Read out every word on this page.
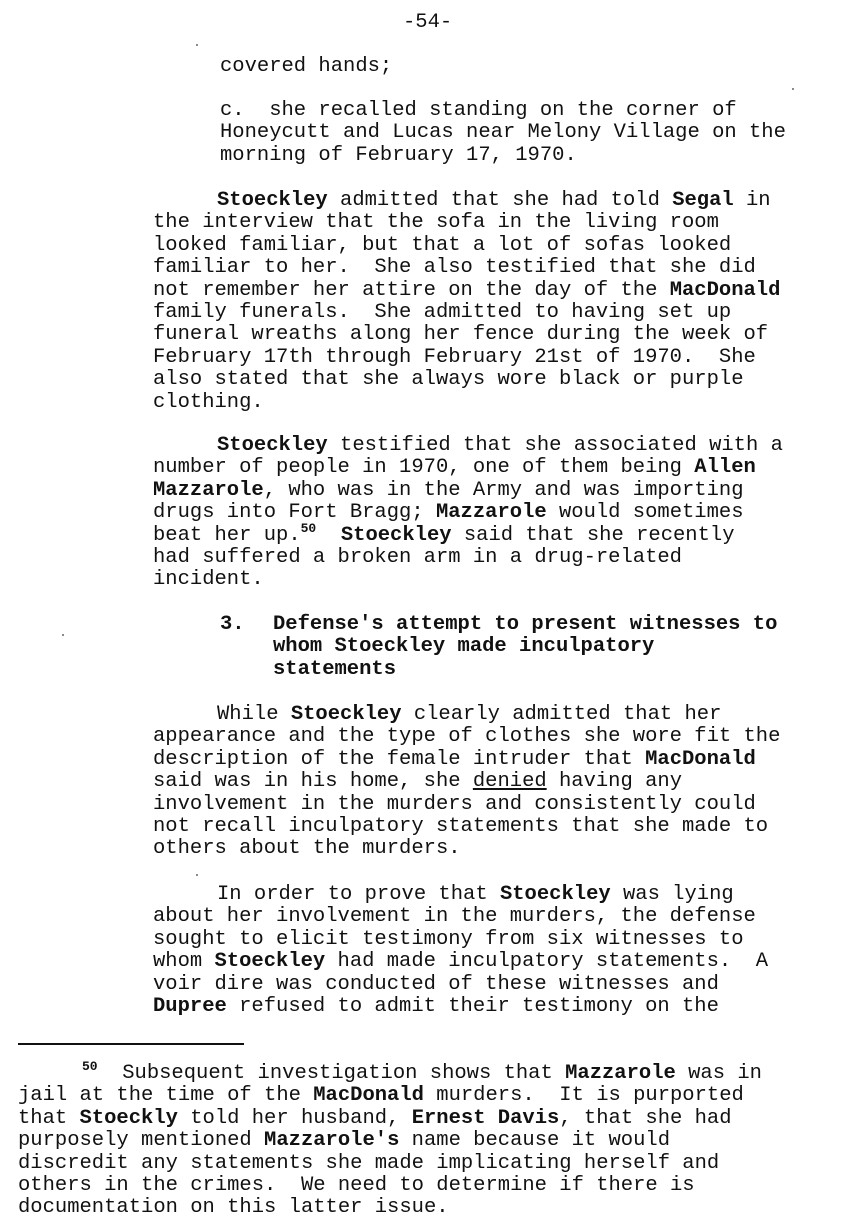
-54-
covered hands;
c.  she recalled standing on the corner of
Honeycutt and Lucas near Melony Village on the
morning of February 17, 1970.
Stoeckley admitted that she had told Segal in
the interview that the sofa in the living room
looked familiar, but that a lot of sofas looked
familiar to her.  She also testified that she did
not remember her attire on the day of the MacDonald
family funerals.  She admitted to having set up
funeral wreaths along her fence during the week of
February 17th through February 21st of 1970.  She
also stated that she always wore black or purple
clothing.
Stoeckley testified that she associated with a
number of people in 1970, one of them being Allen
Mazzarole, who was in the Army and was importing
drugs into Fort Bragg; Mazzarole would sometimes
beat her up.$^{50}$ Stoeckley said that she recently
had suffered a broken arm in a drug-related
incident.
3. Defense's attempt to present witnesses to
whom Stoeckley made inculpatory
statements
While Stoeckley clearly admitted that her
appearance and the type of clothes she wore fit the
description of the female intruder that MacDonald
said was in his home, she denied having any
involvement in the murders and consistently could
not recall inculpatory statements that she made to
others about the murders.
In order to prove that Stoeckley was lying
about her involvement in the murders, the defense
sought to elicit testimony from six witnesses to
whom Stoeckley had made inculpatory statements.  A
voir dire was conducted of these witnesses and
Dupree refused to admit their testimony on the
$^{50}$  Subsequent investigation shows that Mazzarole was in
jail at the time of the MacDonald murders.  It is purported
that Stoeckly told her husband, Ernest Davis, that she had
purposely mentioned Mazzarole's name because it would
discredit any statements she made implicating herself and
others in the crimes.  We need to determine if there is
documentation on this latter issue.
